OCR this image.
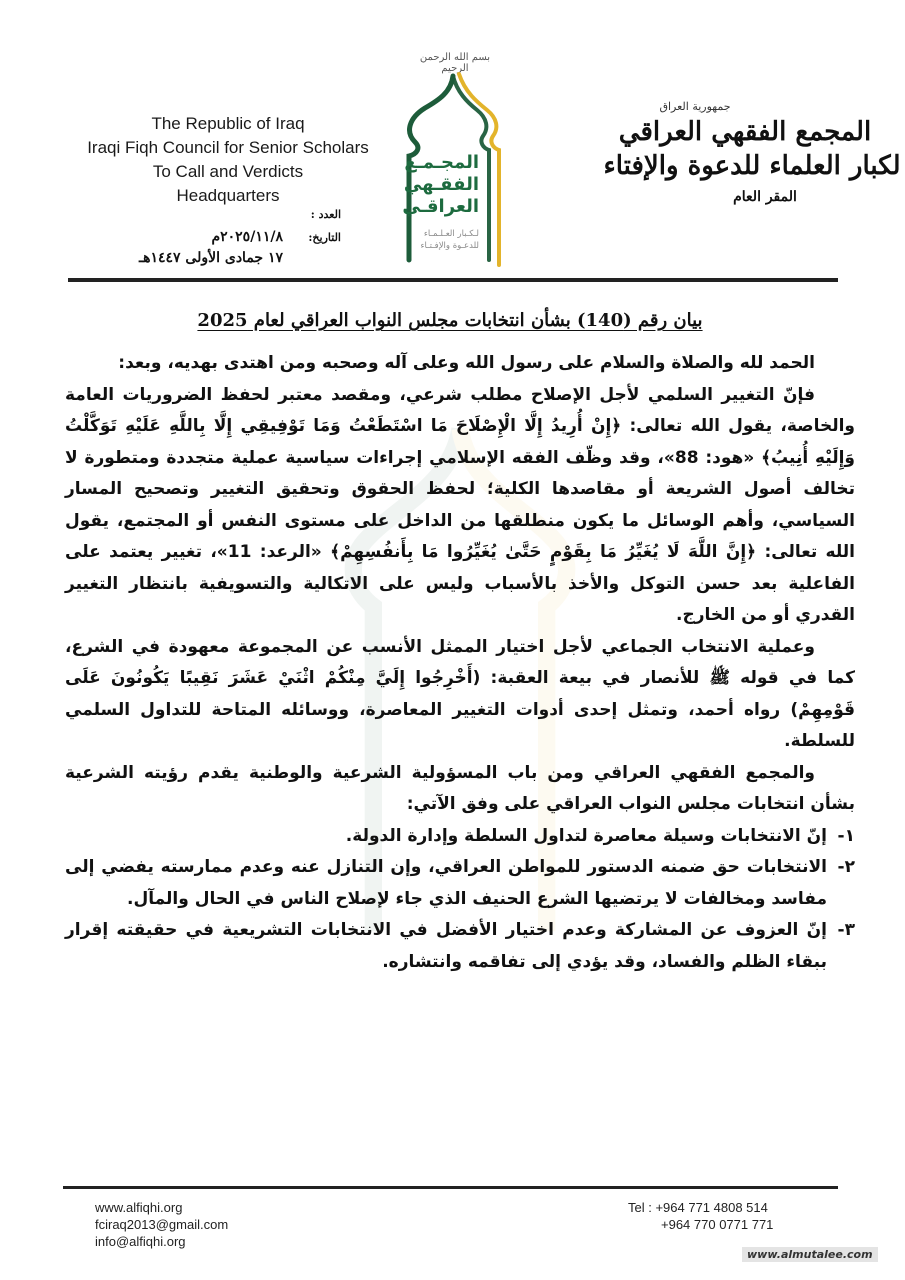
The Republic of Iraq
Iraqi Fiqh Council for Senior Scholars
To Call and Verdicts
Headquarters
العدد :
التاريخ:
٢٠٢٥/١١/٨م
١٧ جمادى الأولى ١٤٤٧هـ
بسم الله الرحمن الرحيم
المجـمـع
الفقـهي
العراقـي
لـكـبار العـلـمـاء
للدعـوة والإفـتـاء
جمهورية العراق
المجمع الفقهي العراقي
لكبار العلماء للدعوة والإفتاء
المقر العام
بيان رقم (140) بشأن انتخابات مجلس النواب العراقي لعام 2025

الحمد لله والصلاة والسلام على رسول الله وعلى آله وصحبه ومن اهتدى بهديه، وبعد:

فإنّ التغيير السلمي لأجل الإصلاح مطلب شرعي، ومقصد معتبر لحفظ الضروريات العامة والخاصة، يقول الله تعالى: ﴿إِنْ أُرِيدُ إِلَّا الْإِصْلَاحَ مَا اسْتَطَعْتُ وَمَا تَوْفِيقِي إِلَّا بِاللَّهِ عَلَيْهِ تَوَكَّلْتُ وَإِلَيْهِ أُنِيبُ﴾ «هود: 88»، وقد وظّف الفقه الإسلامي إجراءات سياسية عملية متجددة ومتطورة لا تخالف أصول الشريعة أو مقاصدها الكلية؛ لحفظ الحقوق وتحقيق التغيير وتصحيح المسار السياسي، وأهم الوسائل ما يكون منطلقها من الداخل على مستوى النفس أو المجتمع، يقول الله تعالى: ﴿إِنَّ اللَّهَ لَا يُغَيِّرُ مَا بِقَوْمٍ حَتَّىٰ يُغَيِّرُوا مَا بِأَنفُسِهِمْ﴾ «الرعد: 11»، تغيير يعتمد على الفاعلية بعد حسن التوكل والأخذ بالأسباب وليس على الاتكالية والتسويفية بانتظار التغيير القدري أو من الخارج.

وعملية الانتخاب الجماعي لأجل اختيار الممثل الأنسب عن المجموعة معهودة في الشرع، كما في قوله ﷺ للأنصار في بيعة العقبة: (أَخْرِجُوا إِلَيَّ مِنْكُمْ اثْنَيْ عَشَرَ نَقِيبًا يَكُونُونَ عَلَى قَوْمِهِمْ) رواه أحمد، وتمثل إحدى أدوات التغيير المعاصرة، ووسائله المتاحة للتداول السلمي للسلطة.

والمجمع الفقهي العراقي ومن باب المسؤولية الشرعية والوطنية يقدم رؤيته الشرعية بشأن انتخابات مجلس النواب العراقي على وفق الآتي:

١-
إنّ الانتخابات وسيلة معاصرة لتداول السلطة وإدارة الدولة.
٢-
الانتخابات حق ضمنه الدستور للمواطن العراقي، وإن التنازل عنه وعدم ممارسته يفضي إلى مفاسد ومخالفات لا يرتضيها الشرع الحنيف الذي جاء لإصلاح الناس في الحال والمآل.
٣-
إنّ العزوف عن المشاركة وعدم اختيار الأفضل في الانتخابات التشريعية في حقيقته إقرار ببقاء الظلم والفساد، وقد يؤدي إلى تفاقمه وانتشاره.
www.alfiqhi.org
fciraq2013@gmail.com
info@alfiqhi.org
Tel : +964 771 4808 514
+964 770 0771 771
www.almutalee.com
